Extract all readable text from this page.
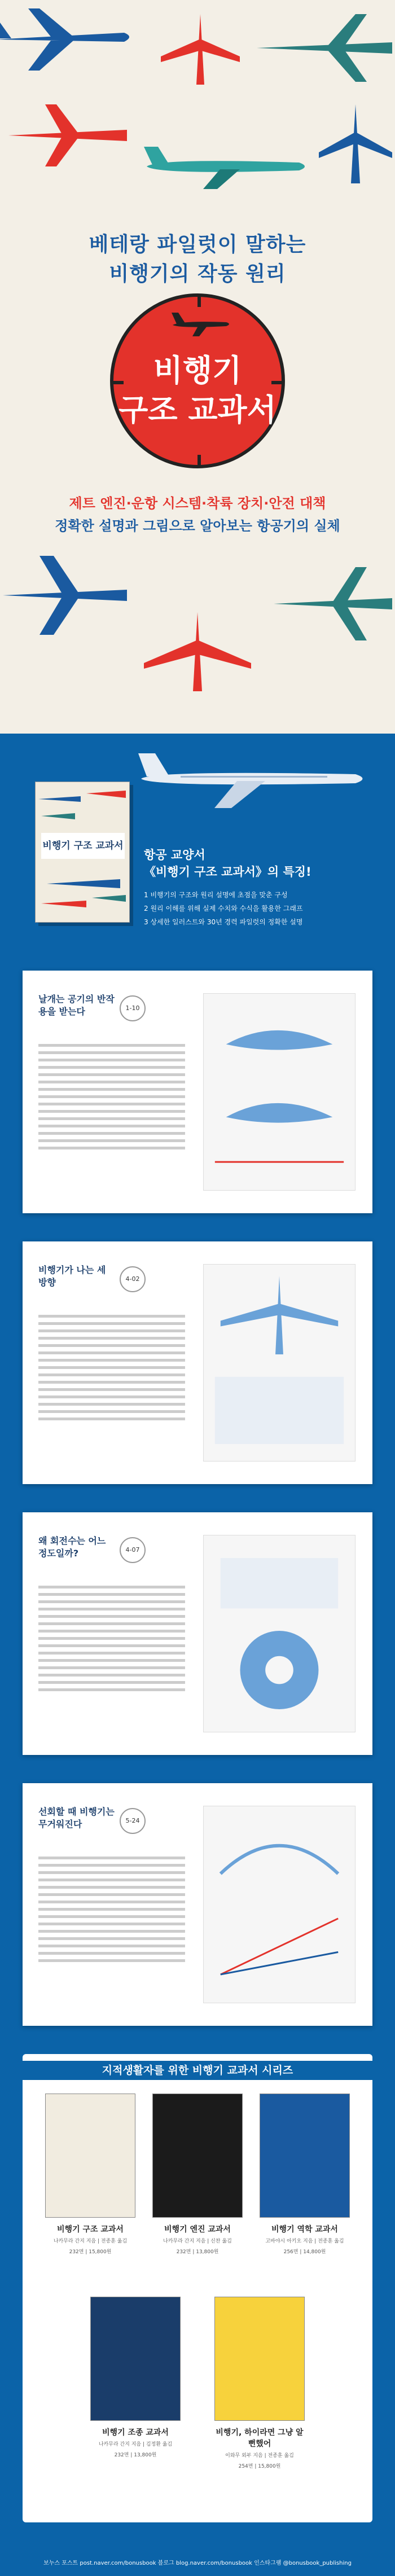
베테랑 파일럿이 말하는
비행기의 작동 원리
비행기
구조 교과서
제트 엔진·운항 시스템·착륙 장치·안전 대책
정확한 설명과 그림으로 알아보는 항공기의 실체
비행기 구조 교과서
항공 교양서
《비행기 구조 교과서》의 특징!
1 비행기의 구조와 원리 설명에 초점을 맞춘 구성
2 원리 이해를 위해 실제 수치와 수식을 활용한 그래프
3 상세한 일러스트와 30년 경력 파일럿의 정확한 설명
날개는 공기의 반작용을 받는다	1-10
비행기가 나는 세 방향	4-02
왜 회전수는 어느 정도일까?	4-07
선회할 때 비행기는 무거워진다	5-24
지적생활자를 위한 비행기 교과서 시리즈
비행기 구조 교과서
나카무라 간지 지음 | 전종훈 옮김
232면 | 15,800원
비행기 엔진 교과서
나카무라 간지 지음 | 신찬 옮김
232면 | 13,800원
비행기 역학 교과서
고바야시 아키오 지음 | 전종훈 옮김
256면 | 14,800원
비행기 조종 교과서
나카무라 간지 지음 | 김정환 옮김
232면 | 13,800원
비행기, 하이라면 그냥 알 뻔했어
이와무 외부 지음 | 전종훈 옮김
254면 | 15,800원
보누스 포스트 post.naver.com/bonusbook 블로그 blog.naver.com/bonusbook 인스타그램 @bonusbook_publishing
